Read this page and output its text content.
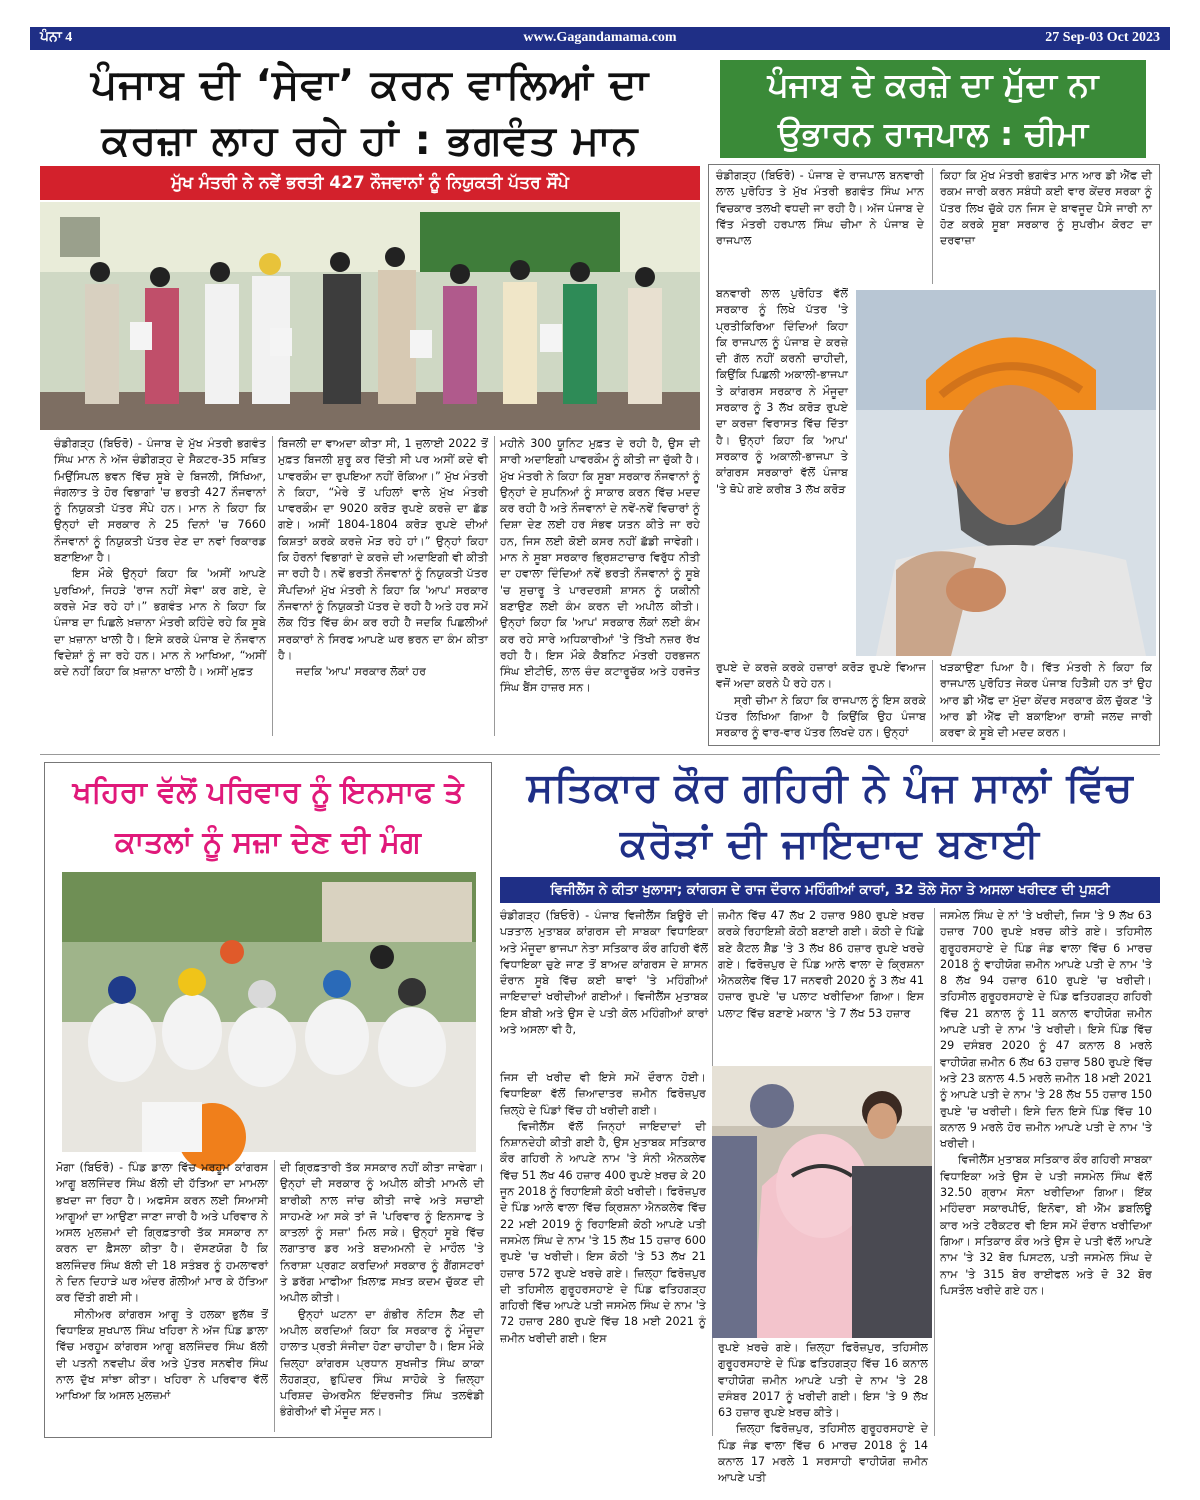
www.Gagandamama.com
ਪੰਨਾ 4	27 Sep-03 Oct 2023
ਪੰਜਾਬ ਦੀ ‘ਸੇਵਾ’ ਕਰਨ ਵਾਲਿਆਂ ਦਾ ਕਰਜ਼ਾ ਲਾਹ ਰਹੇ ਹਾਂ : ਭਗਵੰਤ ਮਾਨ
ਮੁੱਖ ਮੰਤਰੀ ਨੇ ਨਵੇਂ ਭਰਤੀ 427 ਨੌਜਵਾਨਾਂ ਨੂੰ ਨਿਯੁਕਤੀ ਪੱਤਰ ਸੌਂਪੇ

ਚੰਡੀਗੜ੍ਹ (ਬਿਓਰੋ) - ਪੰਜਾਬ ਦੇ ਮੁੱਖ ਮੰਤਰੀ ਭਗਵੰਤ ਸਿੰਘ ਮਾਨ ਨੇ ਅੱਜ ਚੰਡੀਗੜ੍ਹ ਦੇ ਸੈਕਟਰ-35 ਸਥਿਤ ਮਿਉਂਸਿਪਲ ਭਵਨ ਵਿੱਚ ਸੂਬੇ ਦੇ ਬਿਜਲੀ, ਸਿੱਖਿਆ, ਜੰਗਲਾਤ ਤੇ ਹੋਰ ਵਿਭਾਗਾਂ 'ਚ ਭਰਤੀ 427 ਨੌਜਵਾਨਾਂ ਨੂੰ ਨਿਯੁਕਤੀ ਪੱਤਰ ਸੌਂਪੇ ਹਨ। ਮਾਨ ਨੇ ਕਿਹਾ ਕਿ ਉਨ੍ਹਾਂ ਦੀ ਸਰਕਾਰ ਨੇ 25 ਦਿਨਾਂ 'ਚ 7660 ਨੌਜਵਾਨਾਂ ਨੂੰ ਨਿਯੁਕਤੀ ਪੱਤਰ ਦੇਣ ਦਾ ਨਵਾਂ ਰਿਕਾਰਡ ਬਣਾਇਆ ਹੈ।

ਇਸ ਮੌਕੇ ਉਨ੍ਹਾਂ ਕਿਹਾ ਕਿ 'ਅਸੀਂ ਆਪਣੇ ਪੁਰਖਿਆਂ, ਜਿਹੜੇ 'ਰਾਜ ਨਹੀਂ ਸੇਵਾ' ਕਰ ਗਏ, ਦੇ ਕਰਜ਼ੇ ਮੋੜ ਰਹੇ ਹਾਂ।” ਭਗਵੰਤ ਮਾਨ ਨੇ ਕਿਹਾ ਕਿ ਪੰਜਾਬ ਦਾ ਪਿਛਲੇ ਖ਼ਜ਼ਾਨਾ ਮੰਤਰੀ ਕਹਿੰਦੇ ਰਹੇ ਕਿ ਸੂਬੇ ਦਾ ਖ਼ਜ਼ਾਨਾ ਖਾਲੀ ਹੈ। ਇਸੇ ਕਰਕੇ ਪੰਜਾਬ ਦੇ ਨੌਜਵਾਨ ਵਿਦੇਸ਼ਾਂ ਨੂੰ ਜਾ ਰਹੇ ਹਨ। ਮਾਨ ਨੇ ਆਖਿਆ, “ਅਸੀਂ ਕਦੇ ਨਹੀਂ ਕਿਹਾ ਕਿ ਖ਼ਜ਼ਾਨਾ ਖਾਲੀ ਹੈ। ਅਸੀਂ ਮੁਫ਼ਤ

ਬਿਜਲੀ ਦਾ ਵਾਅਦਾ ਕੀਤਾ ਸੀ, 1 ਜੁਲਾਈ 2022 ਤੋਂ ਮੁਫ਼ਤ ਬਿਜਲੀ ਸ਼ੁਰੂ ਕਰ ਦਿੱਤੀ ਸੀ ਪਰ ਅਸੀਂ ਕਦੇ ਵੀ ਪਾਵਰਕੌਮ ਦਾ ਰੁਪਇਆ ਨਹੀਂ ਰੋਕਿਆ।” ਮੁੱਖ ਮੰਤਰੀ ਨੇ ਕਿਹਾ, “ਮੇਰੇ ਤੋਂ ਪਹਿਲਾਂ ਵਾਲੇ ਮੁੱਖ ਮੰਤਰੀ ਪਾਵਰਕੌਮ ਦਾ 9020 ਕਰੋੜ ਰੁਪਏ ਕਰਜ਼ੇ ਦਾ ਛੱਡ ਗਏ। ਅਸੀਂ 1804-1804 ਕਰੋੜ ਰੁਪਏ ਦੀਆਂ ਕਿਸ਼ਤਾਂ ਕਰਕੇ ਕਰਜ਼ੇ ਮੋੜ ਰਹੇ ਹਾਂ।” ਉਨ੍ਹਾਂ ਕਿਹਾ ਕਿ ਹੋਰਨਾਂ ਵਿਭਾਗਾਂ ਦੇ ਕਰਜ਼ੇ ਦੀ ਅਦਾਇਗੀ ਵੀ ਕੀਤੀ ਜਾ ਰਹੀ ਹੈ। ਨਵੇਂ ਭਰਤੀ ਨੌਜਵਾਨਾਂ ਨੂੰ ਨਿਯੁਕਤੀ ਪੱਤਰ ਸੌਂਪਦਿਆਂ ਮੁੱਖ ਮੰਤਰੀ ਨੇ ਕਿਹਾ ਕਿ 'ਆਪ' ਸਰਕਾਰ ਨੌਜਵਾਨਾਂ ਨੂੰ ਨਿਯੁਕਤੀ ਪੱਤਰ ਦੇ ਰਹੀ ਹੈ ਅਤੇ ਹਰ ਸਮੇਂ ਲੋਕ ਹਿੱਤ ਵਿੱਚ ਕੰਮ ਕਰ ਰਹੀ ਹੈ ਜਦਕਿ ਪਿਛਲੀਆਂ ਸਰਕਾਰਾਂ ਨੇ ਸਿਰਫ ਆਪਣੇ ਘਰ ਭਰਨ ਦਾ ਕੰਮ ਕੀਤਾ ਹੈ।

ਜਦਕਿ 'ਆਪ' ਸਰਕਾਰ ਲੋਕਾਂ ਹਰ

ਮਹੀਨੇ 300 ਯੂਨਿਟ ਮੁਫ਼ਤ ਦੇ ਰਹੀ ਹੈ, ਉਸ ਦੀ ਸਾਰੀ ਅਦਾਇਗੀ ਪਾਵਰਕੌਮ ਨੂੰ ਕੀਤੀ ਜਾ ਚੁੱਕੀ ਹੈ। ਮੁੱਖ ਮੰਤਰੀ ਨੇ ਕਿਹਾ ਕਿ ਸੂਬਾ ਸਰਕਾਰ ਨੌਜਵਾਨਾਂ ਨੂੰ ਉਨ੍ਹਾਂ ਦੇ ਸੁਪਨਿਆਂ ਨੂੰ ਸਾਕਾਰ ਕਰਨ ਵਿੱਚ ਮਦਦ ਕਰ ਰਹੀ ਹੈ ਅਤੇ ਨੌਜਵਾਨਾਂ ਦੇ ਨਵੇਂ-ਨਵੇਂ ਵਿਚਾਰਾਂ ਨੂੰ ਦਿਸ਼ਾ ਦੇਣ ਲਈ ਹਰ ਸੰਭਵ ਯਤਨ ਕੀਤੇ ਜਾ ਰਹੇ ਹਨ, ਜਿਸ ਲਈ ਕੋਈ ਕਸਰ ਨਹੀਂ ਛੱਡੀ ਜਾਵੇਗੀ। ਮਾਨ ਨੇ ਸੂਬਾ ਸਰਕਾਰ ਭ੍ਰਿਸ਼ਟਾਚਾਰ ਵਿਰੁੱਧ ਨੀਤੀ ਦਾ ਹਵਾਲਾ ਦਿੰਦਿਆਂ ਨਵੇਂ ਭਰਤੀ ਨੌਜਵਾਨਾਂ ਨੂੰ ਸੂਬੇ 'ਚ ਸੁਚਾਰੂ ਤੇ ਪਾਰਦਰਸ਼ੀ ਸ਼ਾਸਨ ਨੂੰ ਯਕੀਨੀ ਬਣਾਉਣ ਲਈ ਕੰਮ ਕਰਨ ਦੀ ਅਪੀਲ ਕੀਤੀ। ਉਨ੍ਹਾਂ ਕਿਹਾ ਕਿ 'ਆਪ' ਸਰਕਾਰ ਲੋਕਾਂ ਲਈ ਕੰਮ ਕਰ ਰਹੇ ਸਾਰੇ ਅਧਿਕਾਰੀਆਂ 'ਤੇ ਤਿੱਖੀ ਨਜ਼ਰ ਰੱਖ ਰਹੀ ਹੈ। ਇਸ ਮੌਕੇ ਕੈਬਨਿਟ ਮੰਤਰੀ ਹਰਭਜਨ ਸਿੰਘ ਈਟੀਓ, ਲਾਲ ਚੰਦ ਕਟਾਰੂਚੱਕ ਅਤੇ ਹਰਜੋਤ ਸਿੰਘ ਬੈਂਸ ਹਾਜ਼ਰ ਸਨ।

ਪੰਜਾਬ ਦੇ ਕਰਜ਼ੇ ਦਾ ਮੁੱਦਾ ਨਾ ਉਭਾਰਨ ਰਾਜਪਾਲ : ਚੀਮਾ

ਚੰਡੀਗੜ੍ਹ (ਬਿਓਰੋ) - ਪੰਜਾਬ ਦੇ ਰਾਜਪਾਲ ਬਨਵਾਰੀ ਲਾਲ ਪੁਰੋਹਿਤ ਤੇ ਮੁੱਖ ਮੰਤਰੀ ਭਗਵੰਤ ਸਿੰਘ ਮਾਨ ਵਿਚਕਾਰ ਤਲਖੀ ਵਧਦੀ ਜਾ ਰਹੀ ਹੈ। ਅੱਜ ਪੰਜਾਬ ਦੇ ਵਿੱਤ ਮੰਤਰੀ ਹਰਪਾਲ ਸਿੰਘ ਚੀਮਾ ਨੇ ਪੰਜਾਬ ਦੇ ਰਾਜਪਾਲ

ਬਨਵਾਰੀ ਲਾਲ ਪੁਰੋਹਿਤ ਵੱਲੋਂ ਸਰਕਾਰ ਨੂੰ ਲਿਖੇ ਪੱਤਰ 'ਤੇ ਪ੍ਰਤੀਕਿਰਿਆ ਦਿੰਦਿਆਂ ਕਿਹਾ ਕਿ ਰਾਜਪਾਲ ਨੂੰ ਪੰਜਾਬ ਦੇ ਕਰਜ਼ੇ ਦੀ ਗੱਲ ਨਹੀਂ ਕਰਨੀ ਚਾਹੀਦੀ, ਕਿਉਂਕਿ ਪਿਛਲੀ ਅਕਾਲੀ-ਭਾਜਪਾ ਤੇ ਕਾਂਗਰਸ ਸਰਕਾਰ ਨੇ ਮੌਜੂਦਾ ਸਰਕਾਰ ਨੂੰ 3 ਲੱਖ ਕਰੋੜ ਰੁਪਏ ਦਾ ਕਰਜ਼ਾ ਵਿਰਾਸਤ ਵਿੱਚ ਦਿੱਤਾ ਹੈ। ਉਨ੍ਹਾਂ ਕਿਹਾ ਕਿ 'ਆਪ' ਸਰਕਾਰ ਨੂੰ ਅਕਾਲੀ-ਭਾਜਪਾ ਤੇ ਕਾਂਗਰਸ ਸਰਕਾਰਾਂ ਵੱਲੋਂ ਪੰਜਾਬ 'ਤੇ ਥੋਪੇ ਗਏ ਕਰੀਬ 3 ਲੱਖ ਕਰੋੜ

ਰੁਪਏ ਦੇ ਕਰਜ਼ੇ ਕਰਕੇ ਹਜ਼ਾਰਾਂ ਕਰੋੜ ਰੁਪਏ ਵਿਆਜ ਵਜੋਂ ਅਦਾ ਕਰਨੇ ਪੈ ਰਹੇ ਹਨ।

ਸ੍ਰੀ ਚੀਮਾ ਨੇ ਕਿਹਾ ਕਿ ਰਾਜਪਾਲ ਨੂੰ ਇਸ ਕਰਕੇ ਪੱਤਰ ਲਿਖਿਆ ਗਿਆ ਹੈ ਕਿਉਂਕਿ ਉਹ ਪੰਜਾਬ ਸਰਕਾਰ ਨੂੰ ਵਾਰ-ਵਾਰ ਪੱਤਰ ਲਿਖਦੇ ਹਨ। ਉਨ੍ਹਾਂ

ਕਿਹਾ ਕਿ ਮੁੱਖ ਮੰਤਰੀ ਭਗਵੰਤ ਮਾਨ ਆਰ ਡੀ ਐੱਫ ਦੀ ਰਕਮ ਜਾਰੀ ਕਰਨ ਸਬੰਧੀ ਕਈ ਵਾਰ ਕੇਂਦਰ ਸਰਕਾ ਨੂੰ ਪੱਤਰ ਲਿਖ ਚੁੱਕੇ ਹਨ ਜਿਸ ਦੇ ਬਾਵਜੂਦ ਪੈਸੇ ਜਾਰੀ ਨਾ ਹੋਣ ਕਰਕੇ ਸੂਬਾ ਸਰਕਾਰ ਨੂੰ ਸੁਪਰੀਮ ਕੋਰਟ ਦਾ ਦਰਵਾਜ਼ਾ

ਖੜਕਾਉਣਾ ਪਿਆ ਹੈ। ਵਿੱਤ ਮੰਤਰੀ ਨੇ ਕਿਹਾ ਕਿ ਰਾਜਪਾਲ ਪੁਰੋਹਿਤ ਜੇਕਰ ਪੰਜਾਬ ਹਿਤੈਸ਼ੀ ਹਨ ਤਾਂ ਉਹ ਆਰ ਡੀ ਐੱਫ ਦਾ ਮੁੱਦਾ ਕੇਂਦਰ ਸਰਕਾਰ ਕੋਲ ਚੁੱਕਣ 'ਤੇ ਆਰ ਡੀ ਐੱਫ ਦੀ ਬਕਾਇਆ ਰਾਸ਼ੀ ਜਲਦ ਜਾਰੀ ਕਰਵਾ ਕੇ ਸੂਬੇ ਦੀ ਮਦਦ ਕਰਨ।

ਖਹਿਰਾ ਵੱਲੋਂ ਪਰਿਵਾਰ ਨੂੰ ਇਨਸਾਫ ਤੇ ਕਾਤਲਾਂ ਨੂੰ ਸਜ਼ਾ ਦੇਣ ਦੀ ਮੰਗ

ਮੋਗਾ (ਬਿਓਰੋ) - ਪਿੰਡ ਡਾਲਾ ਵਿੱਚ ਮਰਹੂਮ ਕਾਂਗਰਸ ਆਗੂ ਬਲਜਿੰਦਰ ਸਿੰਘ ਬੱਲੀ ਦੀ ਹੱਤਿਆ ਦਾ ਮਾਮਲਾ ਭਖਦਾ ਜਾ ਰਿਹਾ ਹੈ। ਅਫਸੋਸ ਕਰਨ ਲਈ ਸਿਆਸੀ ਆਗੂਆਂ ਦਾ ਆਉਣਾ ਜਾਣਾ ਜਾਰੀ ਹੈ ਅਤੇ ਪਰਿਵਾਰ ਨੇ ਅਸਲ ਮੁਲਜ਼ਮਾਂ ਦੀ ਗ੍ਰਿਫ਼ਤਾਰੀ ਤੱਕ ਸਸਕਾਰ ਨਾ ਕਰਨ ਦਾ ਫ਼ੈਸਲਾ ਕੀਤਾ ਹੈ। ਦੱਸਣਯੋਗ ਹੈ ਕਿ ਬਲਜਿੰਦਰ ਸਿੰਘ ਬੱਲੀ ਦੀ 18 ਸਤੰਬਰ ਨੂੰ ਹਮਲਾਵਰਾਂ ਨੇ ਦਿਨ ਦਿਹਾੜੇ ਘਰ ਅੰਦਰ ਗੋਲੀਆਂ ਮਾਰ ਕੇ ਹੱਤਿਆ ਕਰ ਦਿੱਤੀ ਗਈ ਸੀ।

ਸੀਨੀਅਰ ਕਾਂਗਰਸ ਆਗੂ ਤੇ ਹਲਕਾ ਭੁਲੱਥ ਤੋਂ ਵਿਧਾਇਕ ਸੁਖਪਾਲ ਸਿੰਘ ਖਹਿਰਾ ਨੇ ਅੱਜ ਪਿੰਡ ਡਾਲਾ ਵਿੱਚ ਮਰਹੂਮ ਕਾਂਗਰਸ ਆਗੂ ਬਲਜਿੰਦਰ ਸਿੰਘ ਬੱਲੀ ਦੀ ਪਤਨੀ ਨਵਦੀਪ ਕੌਰ ਅਤੇ ਪੁੱਤਰ ਸਨਵੀਰ ਸਿੰਘ ਨਾਲ ਦੁੱਖ ਸਾਂਝਾ ਕੀਤਾ। ਖਹਿਰਾ ਨੇ ਪਰਿਵਾਰ ਵੱਲੋਂ ਆਖਿਆ ਕਿ ਅਸਲ ਮੁਲਜ਼ਮਾਂ

ਦੀ ਗ੍ਰਿਫ਼ਤਾਰੀ ਤੱਕ ਸਸਕਾਰ ਨਹੀਂ ਕੀਤਾ ਜਾਵੇਗਾ। ਉਨ੍ਹਾਂ ਦੀ ਸਰਕਾਰ ਨੂੰ ਅਪੀਲ ਕੀਤੀ ਮਾਮਲੇ ਦੀ ਬਾਰੀਕੀ ਨਾਲ ਜਾਂਚ ਕੀਤੀ ਜਾਵੇ ਅਤੇ ਸਚਾਈ ਸਾਹਮਣੇ ਆ ਸਕੇ ਤਾਂ ਜੋ 'ਪਰਿਵਾਰ ਨੂੰ ਇਨਸਾਫ ਤੇ ਕਾਤਲਾਂ ਨੂੰ ਸਜ਼ਾ' ਮਿਲ ਸਕੇ। ਉਨ੍ਹਾਂ ਸੂਬੇ ਵਿੱਚ ਲਗਾਤਾਰ ਡਰ ਅਤੇ ਬਦਅਮਨੀ ਦੇ ਮਾਹੌਲ 'ਤੇ ਨਿਰਾਸ਼ਾ ਪ੍ਰਗਟ ਕਰਦਿਆਂ ਸਰਕਾਰ ਨੂੰ ਗੈਂਗਸਟਰਾਂ ਤੇ ਡਰੱਗ ਮਾਫੀਆ ਖ਼ਿਲਾਫ਼ ਸਖ਼ਤ ਕਦਮ ਚੁੱਕਣ ਦੀ ਅਪੀਲ ਕੀਤੀ।

ਉਨ੍ਹਾਂ ਘਟਨਾ ਦਾ ਗੰਭੀਰ ਨੋਟਿਸ ਲੈਣ ਦੀ ਅਪੀਲ ਕਰਦਿਆਂ ਕਿਹਾ ਕਿ ਸਰਕਾਰ ਨੂੰ ਮੌਜੂਦਾ ਹਾਲਾਤ ਪ੍ਰਤੀ ਸੰਜੀਦਾ ਹੋਣਾ ਚਾਹੀਦਾ ਹੈ। ਇਸ ਮੌਕੇ ਜ਼ਿਲ੍ਹਾ ਕਾਂਗਰਸ ਪ੍ਰਧਾਨ ਸੁਖਜੀਤ ਸਿੰਘ ਕਾਕਾ ਲੋਹਗੜ੍ਹ, ਭੁਪਿੰਦਰ ਸਿੰਘ ਸਾਹੋਕੇ ਤੇ ਜ਼ਿਲ੍ਹਾ ਪਰਿਸ਼ਦ ਚੇਅਰਮੈਨ ਇੰਦਰਜੀਤ ਸਿੰਘ ਤਲਵੰਡੀ ਭੰਗੇਰੀਆਂ ਵੀ ਮੌਜੂਦ ਸਨ।

ਸਤਿਕਾਰ ਕੌਰ ਗਹਿਰੀ ਨੇ ਪੰਜ ਸਾਲਾਂ ਵਿੱਚ ਕਰੋੜਾਂ ਦੀ ਜਾਇਦਾਦ ਬਣਾਈ
ਵਿਜੀਲੈਂਸ ਨੇ ਕੀਤਾ ਖੁਲਾਸਾ; ਕਾਂਗਰਸ ਦੇ ਰਾਜ ਦੌਰਾਨ ਮਹਿੰਗੀਆਂ ਕਾਰਾਂ, 32 ਤੋਲੇ ਸੋਨਾ ਤੇ ਅਸਲਾ ਖਰੀਦਣ ਦੀ ਪੁਸ਼ਟੀ

ਚੰਡੀਗੜ੍ਹ (ਬਿਓਰੋ) - ਪੰਜਾਬ ਵਿਜੀਲੈਂਸ ਬਿਊਰੋ ਦੀ ਪੜਤਾਲ ਮੁਤਾਬਕ ਕਾਂਗਰਸ ਦੀ ਸਾਬਕਾ ਵਿਧਾਇਕਾ ਅਤੇ ਮੌਜੂਦਾ ਭਾਜਪਾ ਨੇਤਾ ਸਤਿਕਾਰ ਕੌਰ ਗਹਿਰੀ ਵੱਲੋਂ ਵਿਧਾਇਕਾ ਚੁਣੇ ਜਾਣ ਤੋਂ ਬਾਅਦ ਕਾਂਗਰਸ ਦੇ ਸ਼ਾਸਨ ਦੌਰਾਨ ਸੂਬੇ ਵਿੱਚ ਕਈ ਥਾਵਾਂ 'ਤੇ ਮਹਿੰਗੀਆਂ ਜਾਇਦਾਦਾਂ ਖਰੀਦੀਆਂ ਗਈਆਂ। ਵਿਜੀਲੈਂਸ ਮੁਤਾਬਕ ਇਸ ਬੀਬੀ ਅਤੇ ਉਸ ਦੇ ਪਤੀ ਕੋਲ ਮਹਿੰਗੀਆਂ ਕਾਰਾਂ ਅਤੇ ਅਸਲਾ ਵੀ ਹੈ,

ਜਿਸ ਦੀ ਖਰੀਦ ਵੀ ਇਸੇ ਸਮੇਂ ਦੌਰਾਨ ਹੋਈ। ਵਿਧਾਇਕਾ ਵੱਲੋਂ ਜ਼ਿਆਦਾਤਰ ਜ਼ਮੀਨ ਫਿਰੋਜ਼ਪੁਰ ਜ਼ਿਲ੍ਹੇ ਦੇ ਪਿੰਡਾਂ ਵਿੱਚ ਹੀ ਖਰੀਦੀ ਗਈ।

ਵਿਜੀਲੈਂਸ ਵੱਲੋਂ ਜਿਨ੍ਹਾਂ ਜਾਇਦਾਦਾਂ ਦੀ ਨਿਸ਼ਾਨਦੇਹੀ ਕੀਤੀ ਗਈ ਹੈ, ਉਸ ਮੁਤਾਬਕ ਸਤਿਕਾਰ ਕੌਰ ਗਹਿਰੀ ਨੇ ਆਪਣੇ ਨਾਮ 'ਤੇ ਸੰਨੀ ਐਨਕਲੇਵ ਵਿੱਚ 51 ਲੱਖ 46 ਹਜ਼ਾਰ 400 ਰੁਪਏ ਖ਼ਰਚ ਕੇ 20 ਜੂਨ 2018 ਨੂੰ ਰਿਹਾਇਸ਼ੀ ਕੋਠੀ ਖਰੀਦੀ। ਫਿਰੋਜ਼ਪੁਰ ਦੇ ਪਿੰਡ ਆਲੇ ਵਾਲਾ ਵਿੱਚ ਕ੍ਰਿਸ਼ਨਾ ਐਨਕਲੇਵ ਵਿੱਚ 22 ਮਈ 2019 ਨੂੰ ਰਿਹਾਇਸ਼ੀ ਕੋਠੀ ਆਪਣੇ ਪਤੀ ਜਸਮੇਲ ਸਿੰਘ ਦੇ ਨਾਮ 'ਤੇ 15 ਲੱਖ 15 ਹਜ਼ਾਰ 600 ਰੁਪਏ 'ਚ ਖਰੀਦੀ। ਇਸ ਕੋਠੀ 'ਤੇ 53 ਲੱਖ 21 ਹਜ਼ਾਰ 572 ਰੁਪਏ ਖਰਚੇ ਗਏ। ਜ਼ਿਲ੍ਹਾ ਫਿਰੋਜ਼ਪੁਰ ਦੀ ਤਹਿਸੀਲ ਗੁਰੂਹਰਸਹਾਏ ਦੇ ਪਿੰਡ ਫਤਿਹਗੜ੍ਹ ਗਹਿਰੀ ਵਿੱਚ ਆਪਣੇ ਪਤੀ ਜਸਮੇਲ ਸਿੰਘ ਦੇ ਨਾਮ 'ਤੇ 72 ਹਜ਼ਾਰ 280 ਰੁਪਏ ਵਿੱਚ 18 ਮਈ 2021 ਨੂੰ ਜ਼ਮੀਨ ਖਰੀਦੀ ਗਈ। ਇਸ

ਜ਼ਮੀਨ ਵਿੱਚ 47 ਲੱਖ 2 ਹਜ਼ਾਰ 980 ਰੁਪਏ ਖ਼ਰਚ ਕਰਕੇ ਰਿਹਾਇਸ਼ੀ ਕੋਠੀ ਬਣਾਈ ਗਈ। ਕੋਠੀ ਦੇ ਪਿੱਛੇ ਬਣੇ ਕੈਟਲ ਸ਼ੈੱਡ 'ਤੇ 3 ਲੱਖ 86 ਹਜ਼ਾਰ ਰੁਪਏ ਖਰਚੇ ਗਏ। ਫਿਰੋਜ਼ਪੁਰ ਦੇ ਪਿੰਡ ਆਲੇ ਵਾਲਾ ਦੇ ਕ੍ਰਿਸ਼ਨਾ ਐਨਕਲੇਵ ਵਿੱਚ 17 ਜਨਵਰੀ 2020 ਨੂੰ 3 ਲੱਖ 41 ਹਜ਼ਾਰ ਰੁਪਏ 'ਚ ਪਲਾਟ ਖਰੀਦਿਆ ਗਿਆ। ਇਸ ਪਲਾਟ ਵਿੱਚ ਬਣਾਏ ਮਕਾਨ 'ਤੇ 7 ਲੱਖ 53 ਹਜ਼ਾਰ

ਰੁਪਏ ਖ਼ਰਚੇ ਗਏ। ਜ਼ਿਲ੍ਹਾ ਫਿਰੋਜ਼ਪੁਰ, ਤਹਿਸੀਲ ਗੁਰੂਹਰਸਹਾਏ ਦੇ ਪਿੰਡ ਫਤਿਹਗੜ੍ਹ ਵਿੱਚ 16 ਕਨਾਲ ਵਾਹੀਯੋਗ ਜ਼ਮੀਨ ਆਪਣੇ ਪਤੀ ਦੇ ਨਾਮ 'ਤੇ 28 ਦਸੰਬਰ 2017 ਨੂੰ ਖਰੀਦੀ ਗਈ। ਇਸ 'ਤੇ 9 ਲੱਖ 63 ਹਜ਼ਾਰ ਰੁਪਏ ਖ਼ਰਚ ਕੀਤੇ।

ਜ਼ਿਲ੍ਹਾ ਫਿਰੋਜ਼ਪੁਰ, ਤਹਿਸੀਲ ਗੁਰੂਹਰਸਹਾਏ ਦੇ ਪਿੰਡ ਜੰਡ ਵਾਲਾ ਵਿੱਚ 6 ਮਾਰਚ 2018 ਨੂੰ 14 ਕਨਾਲ 17 ਮਰਲੇ 1 ਸਰਸਾਹੀ ਵਾਹੀਯੋਗ ਜ਼ਮੀਨ ਆਪਣੇ ਪਤੀ

ਜਸਮੇਲ ਸਿੰਘ ਦੇ ਨਾਂ 'ਤੇ ਖਰੀਦੀ, ਜਿਸ 'ਤੇ 9 ਲੱਖ 63 ਹਜ਼ਾਰ 700 ਰੁਪਏ ਖ਼ਰਚ ਕੀਤੇ ਗਏ। ਤਹਿਸੀਲ ਗੁਰੂਹਰਸਹਾਏ ਦੇ ਪਿੰਡ ਜੰਡ ਵਾਲਾ ਵਿੱਚ 6 ਮਾਰਚ 2018 ਨੂੰ ਵਾਹੀਯੋਗ ਜ਼ਮੀਨ ਆਪਣੇ ਪਤੀ ਦੇ ਨਾਮ 'ਤੇ 8 ਲੱਖ 94 ਹਜ਼ਾਰ 610 ਰੁਪਏ 'ਚ ਖਰੀਦੀ। ਤਹਿਸੀਲ ਗੁਰੂਹਰਸਹਾਏ ਦੇ ਪਿੰਡ ਫਤਿਹਗੜ੍ਹ ਗਹਿਰੀ ਵਿੱਚ 21 ਕਨਾਲ ਨੂੰ 11 ਕਨਾਲ ਵਾਹੀਯੋਗ ਜ਼ਮੀਨ ਆਪਣੇ ਪਤੀ ਦੇ ਨਾਮ 'ਤੇ ਖਰੀਦੀ। ਇਸੇ ਪਿੰਡ ਵਿੱਚ 29 ਦਸੰਬਰ 2020 ਨੂੰ 47 ਕਨਾਲ 8 ਮਰਲੇ ਵਾਹੀਯੋਗ ਜ਼ਮੀਨ 6 ਲੱਖ 63 ਹਜ਼ਾਰ 580 ਰੁਪਏ ਵਿੱਚ ਅਤੇ 23 ਕਨਾਲ 4.5 ਮਰਲੇ ਜ਼ਮੀਨ 18 ਮਈ 2021 ਨੂੰ ਆਪਣੇ ਪਤੀ ਦੇ ਨਾਮ 'ਤੇ 28 ਲੱਖ 55 ਹਜ਼ਾਰ 150 ਰੁਪਏ 'ਚ ਖਰੀਦੀ। ਇਸੇ ਦਿਨ ਇਸੇ ਪਿੰਡ ਵਿੱਚ 10 ਕਨਾਲ 9 ਮਰਲੇ ਹੋਰ ਜ਼ਮੀਨ ਆਪਣੇ ਪਤੀ ਦੇ ਨਾਮ 'ਤੇ ਖਰੀਦੀ।

ਵਿਜੀਲੈਂਸ ਮੁਤਾਬਕ ਸਤਿਕਾਰ ਕੌਰ ਗਹਿਰੀ ਸਾਬਕਾ ਵਿਧਾਇਕਾ ਅਤੇ ਉਸ ਦੇ ਪਤੀ ਜਸਮੇਲ ਸਿੰਘ ਵੱਲੋਂ 32.50 ਗ੍ਰਾਮ ਸੋਨਾ ਖਰੀਦਿਆ ਗਿਆ। ਇੱਕ ਮਹਿੰਦਰਾ ਸਕਾਰਪੀਓ, ਇਨੋਵਾ, ਬੀ ਐੱਮ ਡਬਲਿਊ ਕਾਰ ਅਤੇ ਟਰੈਕਟਰ ਵੀ ਇਸ ਸਮੇਂ ਦੌਰਾਨ ਖਰੀਦਿਆ ਗਿਆ। ਸਤਿਕਾਰ ਕੌਰ ਅਤੇ ਉਸ ਦੇ ਪਤੀ ਵੱਲੋਂ ਆਪਣੇ ਨਾਮ 'ਤੇ 32 ਬੋਰ ਪਿਸਟਲ, ਪਤੀ ਜਸਮੇਲ ਸਿੰਘ ਦੇ ਨਾਮ 'ਤੇ 315 ਬੋਰ ਰਾਈਫਲ ਅਤੇ ਦੋ 32 ਬੋਰ ਪਿਸਤੌਲ ਖਰੀਦੇ ਗਏ ਹਨ।
